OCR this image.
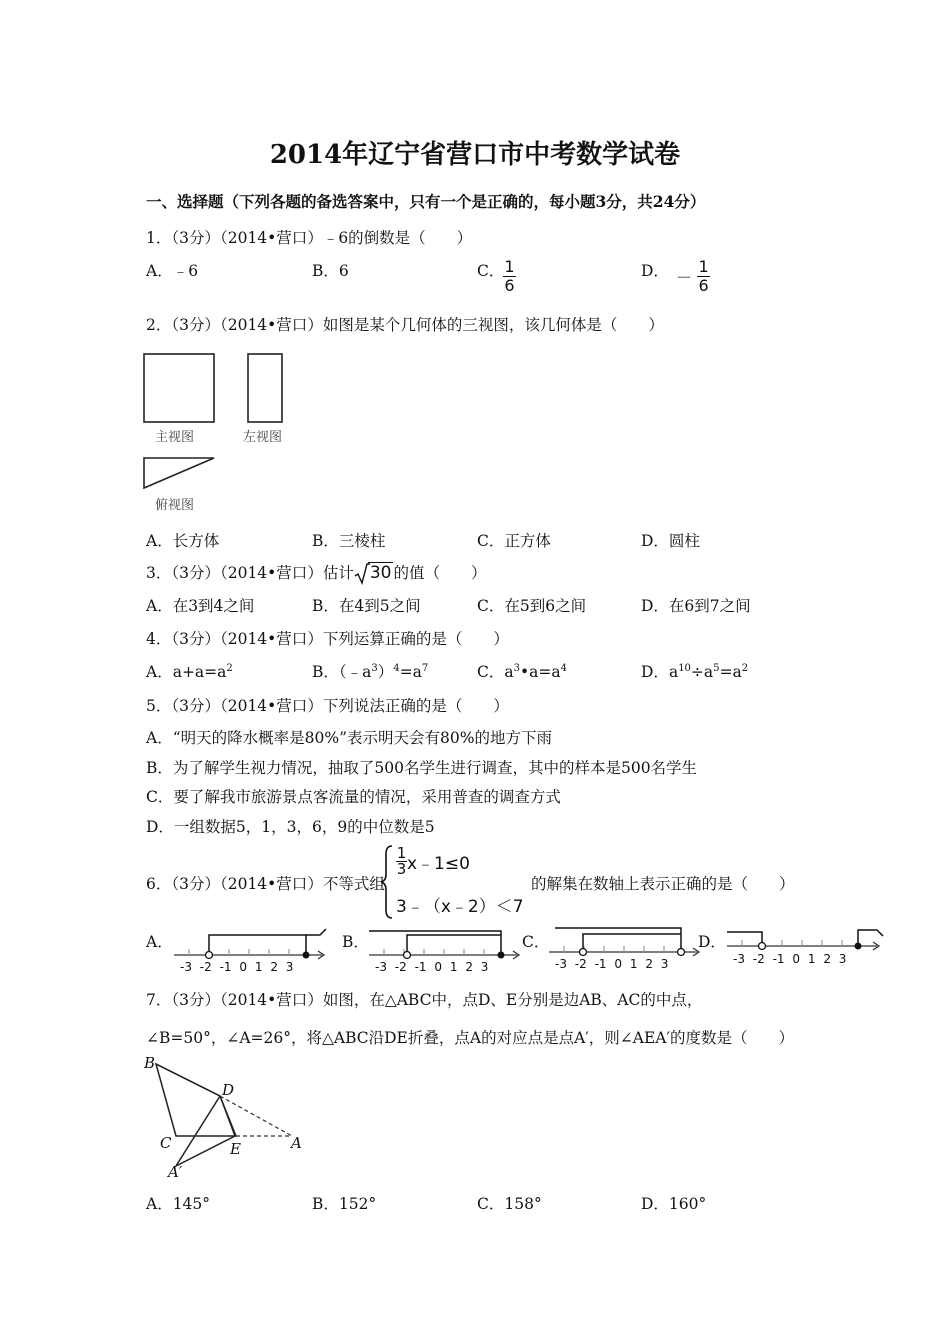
2014年辽宁省营口市中考数学试卷
一、选择题（下列各题的备选答案中，只有一个是正确的，每小题3分，共24分）
1．（3分）（2014•营口）﹣6的倒数是（　　）
A．﹣6	B．6	C．
$\frac{1}{6}$	D． － $\frac{1}{6}$
2．（3分）（2014•营口）如图是某个几何体的三视图，该几何体是（　　）
主视图	左视图
俯视图
A．长方体	B．三棱柱	C．正方体	D．圆柱
3．（3分）（2014•营口）估计 30 的值（　　）
A．在3到4之间	B．在4到5之间	C．在5到6之间	D．在6到7之间
4．（3分）（2014•营口）下列运算正确的是（　　）
A．$a+a=a^2$	B．$(﹣a^3)^4=a^7$	C．$a^3•a=a^4$	D．$a^{10}\div a^5=a^2$
5．（3分）（2014•营口）下列说法正确的是（　　）
A．“明天的降水概率是80%”表示明天会有80%的地方下雨
B．为了解学生视力情况，抽取了500名学生进行调查，其中的样本是500名学生
C．要了解我市旅游景点客流量的情况，采用普查的调查方式
D．一组数据5，1，3，6，9的中位数是5
6．（3分）（2014•营口）不等式组
$\frac{1}{3}$ x﹣1≤0
3﹣（x﹣2）＜7
的解集在数轴上表示正确的是（　　）
A．	B．	C．	D．
-3 -2 -1 0 1 2 3	-3 -2 -1 0 1 2 3	-3 -2 -1 0 1 2 3	-3 -2 -1 0 1 2 3
7．（3分）（2014•营口）如图，在△ABC中，点D、E分别是边AB、AC的中点，
∠B=50°，∠A=26°，将△ABC沿DE折叠，点A的对应点是点A′，则∠AEA′的度数是（　　）
B
D
C	E	A
A′
A．145°	B．152°	C．158°	D．160°
